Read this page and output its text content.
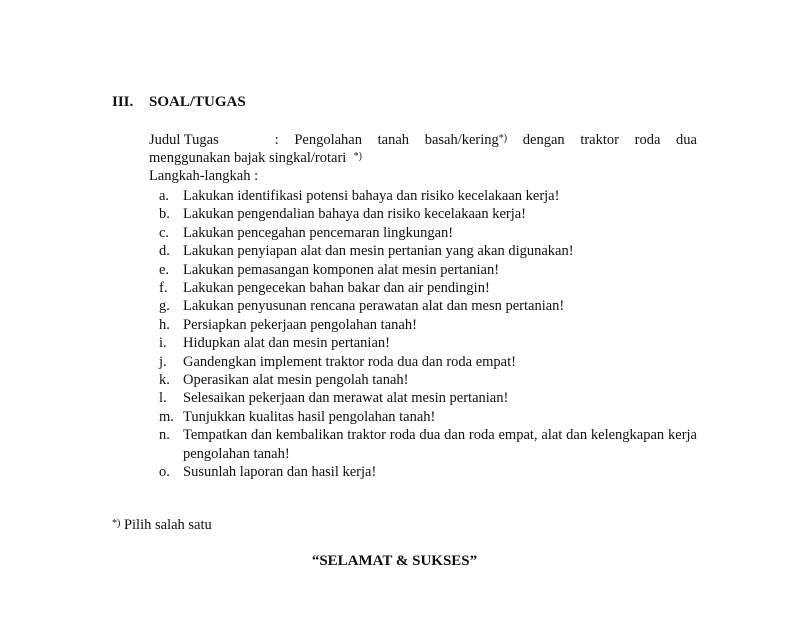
III. SOAL/TUGAS
Judul Tugas	: Pengolahan tanah basah/kering*) dengan traktor roda dua
menggunakan bajak singkal/rotari *)
Langkah-langkah :
a. Lakukan identifikasi potensi bahaya dan risiko kecelakaan kerja!
b. Lakukan pengendalian bahaya dan risiko kecelakaan kerja!
c. Lakukan pencegahan pencemaran lingkungan!
d. Lakukan penyiapan alat dan mesin pertanian yang akan digunakan!
e. Lakukan pemasangan komponen alat mesin pertanian!
f. Lakukan pengecekan bahan bakar dan air pendingin!
g. Lakukan penyusunan rencana perawatan alat dan mesn pertanian!
h. Persiapkan pekerjaan pengolahan tanah!
i. Hidupkan alat dan mesin pertanian!
j. Gandengkan implement traktor roda dua dan roda empat!
k. Operasikan alat mesin pengolah tanah!
l. Selesaikan pekerjaan dan merawat alat mesin pertanian!
m. Tunjukkan kualitas hasil pengolahan tanah!
n. Tempatkan dan kembalikan traktor roda dua dan roda empat, alat dan kelengkapan kerja pengolahan tanah!
o. Susunlah laporan dan hasil kerja!
*) Pilih salah satu
“SELAMAT & SUKSES”
